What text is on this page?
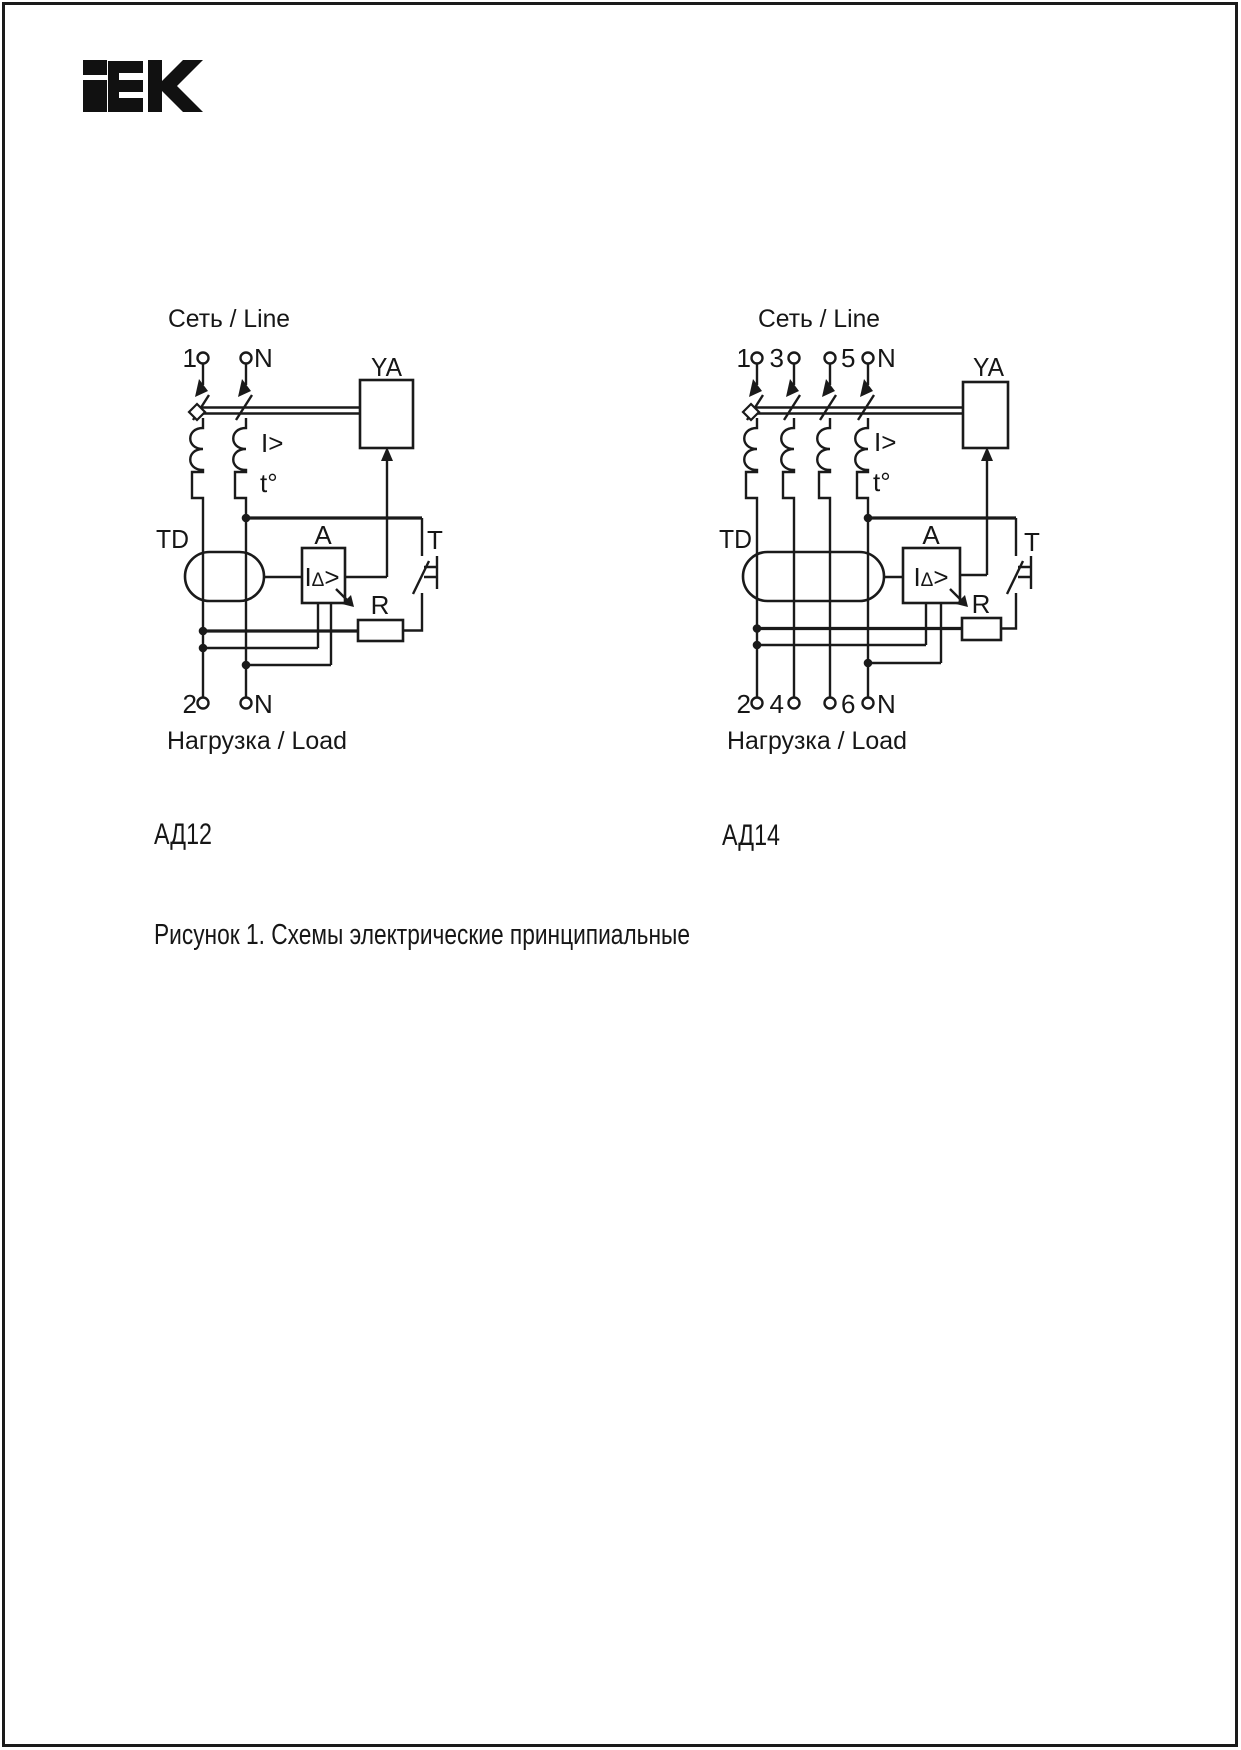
Сеть / Line
1 N	YA
I>
t°
TD	A
IΔ>
T
R
2 N
Нагрузка / Load
АД12
Сеть / Line
1 3 5 N	YA
I>
t°
TD	A
IΔ>
T
R
2 4 6 N
Нагрузка / Load
АД14
Рисунок 1. Схемы электрические принципиальные
